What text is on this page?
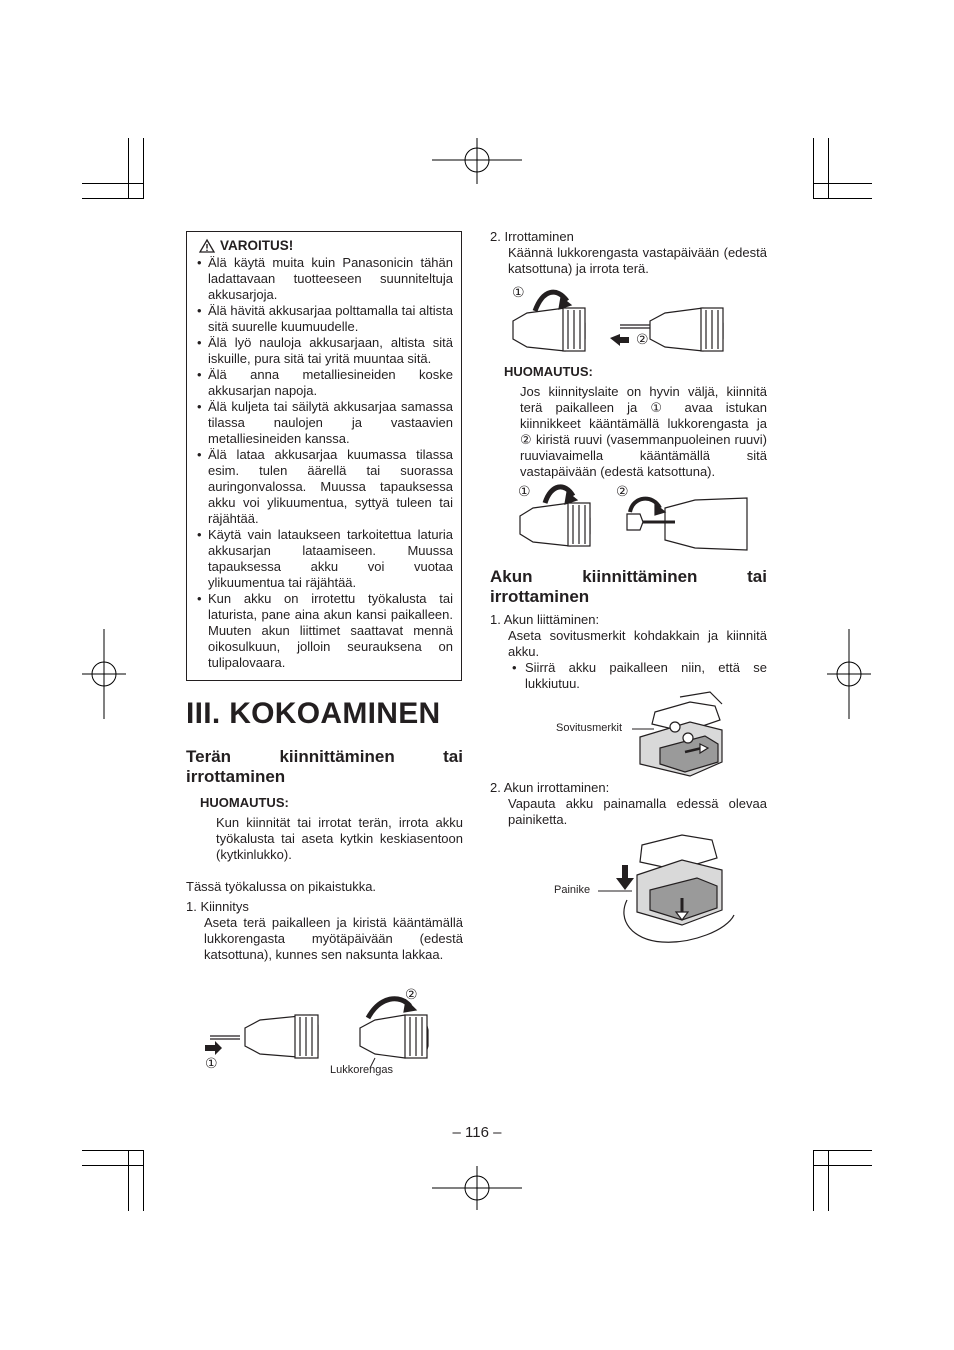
VAROITUS!
• Älä käytä muita kuin Panasonicin tähän ladattavaan tuotteeseen suunniteltuja akkusarjoja.
• Älä hävitä akkusarjaa polttamalla tai altista sitä suurelle kuumuudelle.
• Älä lyö nauloja akkusarjaan, altista sitä iskuille, pura sitä tai yritä muuntaa sitä.
• Älä anna metalliesineiden koske akkusarjan napoja.
• Älä kuljeta tai säilytä akkusarjaa samassa tilassa naulojen ja vastaavien metalliesineiden kanssa.
• Älä lataa akkusarjaa kuumassa tilassa esim. tulen äärellä tai suorassa auringonvalossa. Muussa tapauksessa akku voi ylikuumentua, syttyä tuleen tai räjähtää.
• Käytä vain lataukseen tarkoitettua laturia akkusarjan lataamiseen. Muussa tapauksessa akku voi vuotaa ylikuumentua tai räjähtää.
• Kun akku on irrotettu työkalusta tai laturista, pane aina akun kansi paikalleen. Muuten akun liittimet saattavat mennä oikosulkuun, jolloin seurauksena on tulipalovaara.
III. KOKOAMINEN
Terän kiinnittäminen tai irrottaminen
HUOMAUTUS:
Kun kiinnität tai irrotat terän, irrota akku työkalusta tai aseta kytkin keskiasentoon (kytkinlukko).
Tässä työkalussa on pikaistukka.
1. Kiinnitys
Aseta terä paikalleen ja kiristä kääntämällä lukkorengasta myötäpäivään (edestä katsottuna), kunnes sen naksunta lakkaa.
①
②
Lukkorengas
2. Irrottaminen
Käännä lukkorengasta vastapäivään (edestä katsottuna) ja irrota terä.
①
②
HUOMAUTUS:
Jos kiinnityslaite on hyvin väljä, kiinnitä terä paikalleen ja ① avaa istukan kiinnikkeet kääntämällä lukkorengasta ja ② kiristä ruuvi (vasemmanpuoleinen ruuvi) ruuviavaimella kääntämällä sitä vastapäivään (edestä katsottuna).
①	②
Akun kiinnittäminen tai irrottaminen
1. Akun liittäminen:
Aseta sovitusmerkit kohdakkain ja kiinnitä akku.
• Siirrä akku paikalleen niin, että se lukkiutuu.
Sovitusmerkit
2. Akun irrottaminen:
Vapauta akku painamalla edessä olevaa painiketta.
Painike
– 116 –
